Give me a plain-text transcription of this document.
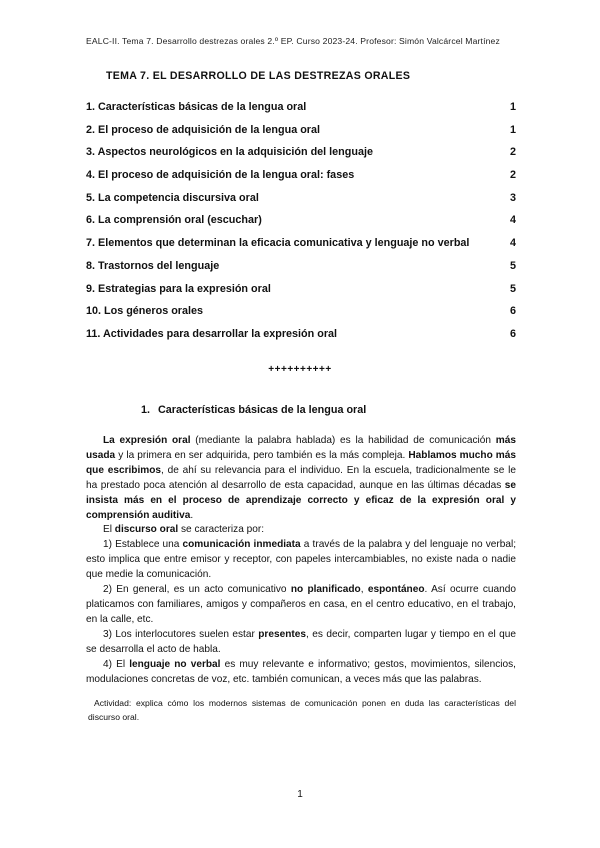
EALC-II. Tema 7. Desarrollo destrezas orales 2.º EP. Curso 2023-24. Profesor: Simón Valcárcel Martínez
TEMA 7. EL DESARROLLO DE LAS DESTREZAS ORALES
1. Características básicas de la lengua oral	1
2. El proceso de adquisición de la lengua oral	1
3. Aspectos neurológicos en la adquisición del lenguaje	2
4. El proceso de adquisición de la lengua oral: fases	2
5. La competencia discursiva oral	3
6. La comprensión oral (escuchar)	4
7. Elementos que determinan la eficacia comunicativa y lenguaje no verbal	4
8. Trastornos del lenguaje	5
9. Estrategias para la expresión oral	5
10. Los géneros orales	6
11. Actividades para desarrollar la expresión oral	6
++++++++++
1. Características básicas de la lengua oral

La expresión oral (mediante la palabra hablada) es la habilidad de comunicación más usada y la primera en ser adquirida, pero también es la más compleja. Hablamos mucho más que escribimos, de ahí su relevancia para el individuo. En la escuela, tradicionalmente se le ha prestado poca atención al desarrollo de esta capacidad, aunque en las últimas décadas se insista más en el proceso de aprendizaje correcto y eficaz de la expresión oral y comprensión auditiva.

El discurso oral se caracteriza por:

1) Establece una comunicación inmediata a través de la palabra y del lenguaje no verbal; esto implica que entre emisor y receptor, con papeles intercambiables, no existe nada o nadie que medie la comunicación.

2) En general, es un acto comunicativo no planificado, espontáneo. Así ocurre cuando platicamos con familiares, amigos y compañeros en casa, en el centro educativo, en el trabajo, en la calle, etc.

3) Los interlocutores suelen estar presentes, es decir, comparten lugar y tiempo en el que se desarrolla el acto de habla.

4) El lenguaje no verbal es muy relevante e informativo; gestos, movimientos, silencios, modulaciones concretas de voz, etc. también comunican, a veces más que las palabras.

Actividad: explica cómo los modernos sistemas de comunicación ponen en duda las características del discurso oral.
1
